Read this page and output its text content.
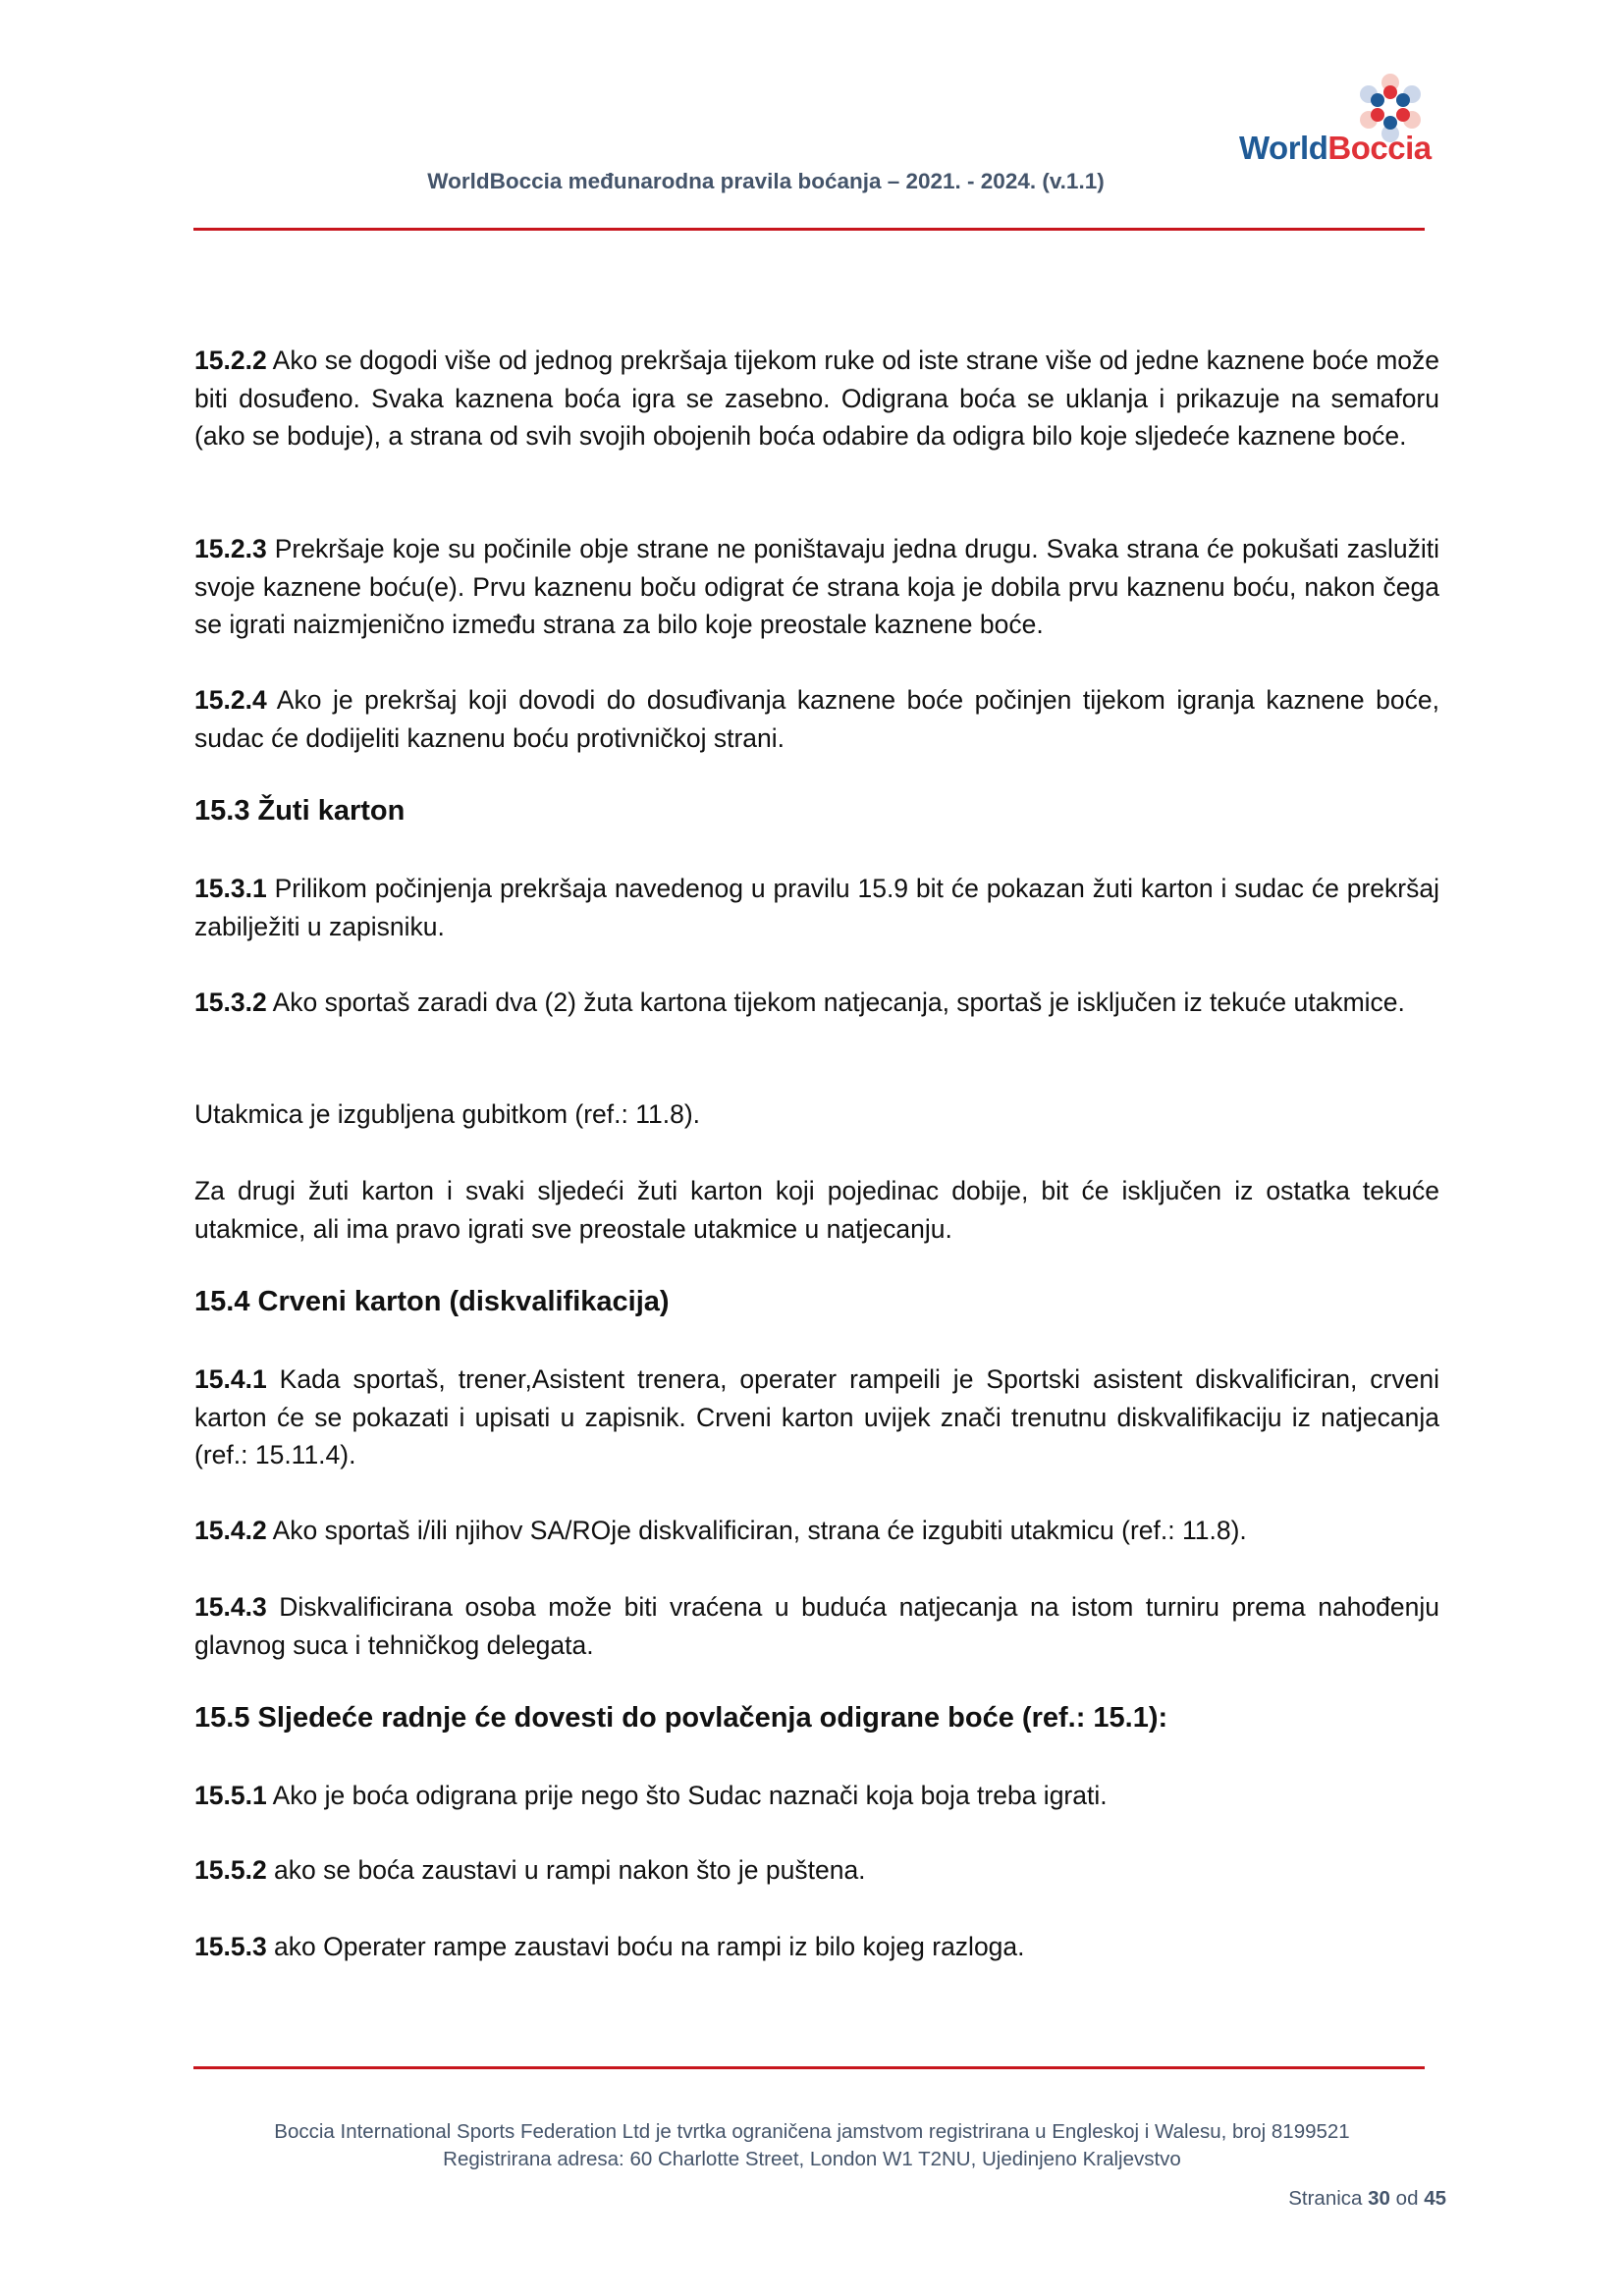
WorldBoccia
WorldBoccia međunarodna pravila boćanja – 2021. - 2024. (v.1.1)

15.2.2 Ako se dogodi više od jednog prekršaja tijekom ruke od iste strane više od jedne kaznene boće može biti dosuđeno. Svaka kaznena boća igra se zasebno. Odigrana boća se uklanja i prikazuje na semaforu (ako se boduje), a strana od svih svojih obojenih boća odabire da odigra bilo koje sljedeće kaznene boće.

15.2.3 Prekršaje koje su počinile obje strane ne poništavaju jedna drugu. Svaka strana će pokušati zaslužiti svoje kaznene boću(e). Prvu kaznenu boču odigrat će strana koja je dobila prvu kaznenu boću, nakon čega se igrati naizmjenično između strana za bilo koje preostale kaznene boće.

15.2.4 Ako je prekršaj koji dovodi do dosuđivanja kaznene boće počinjen tijekom igranja kaznene boće, sudac će dodijeliti kaznenu boću protivničkoj strani.

15.3 Žuti karton

15.3.1 Prilikom počinjenja prekršaja navedenog u pravilu 15.9 bit će pokazan žuti karton i sudac će prekršaj zabilježiti u zapisniku.

15.3.2 Ako sportaš zaradi dva (2) žuta kartona tijekom natjecanja, sportaš je isključen iz tekuće utakmice.

Utakmica je izgubljena gubitkom (ref.: 11.8).

Za drugi žuti karton i svaki sljedeći žuti karton koji pojedinac dobije, bit će isključen iz ostatka tekuće utakmice, ali ima pravo igrati sve preostale utakmice u natjecanju.

15.4 Crveni karton (diskvalifikacija)

15.4.1 Kada sportaš, trener,Asistent trenera, operater rampeili je Sportski asistent diskvalificiran, crveni karton će se pokazati i upisati u zapisnik. Crveni karton uvijek znači trenutnu diskvalifikaciju iz natjecanja (ref.: 15.11.4).

15.4.2 Ako sportaš i/ili njihov SA/ROje diskvalificiran, strana će izgubiti utakmicu (ref.: 11.8).

15.4.3 Diskvalificirana osoba može biti vraćena u buduća natjecanja na istom turniru prema nahođenju glavnog suca i tehničkog delegata.

15.5 Sljedeće radnje će dovesti do povlačenja odigrane boće (ref.: 15.1):

15.5.1 Ako je boća odigrana prije nego što Sudac naznači koja boja treba igrati.

15.5.2 ako se boća zaustavi u rampi nakon što je puštena.

15.5.3 ako Operater rampe zaustavi boću na rampi iz bilo kojeg razloga.

Boccia International Sports Federation Ltd je tvrtka ograničena jamstvom registrirana u Engleskoj i Walesu, broj 8199521
Registrirana adresa: 60 Charlotte Street, London W1 T2NU, Ujedinjeno Kraljevstvo
Stranica 30 od 45
